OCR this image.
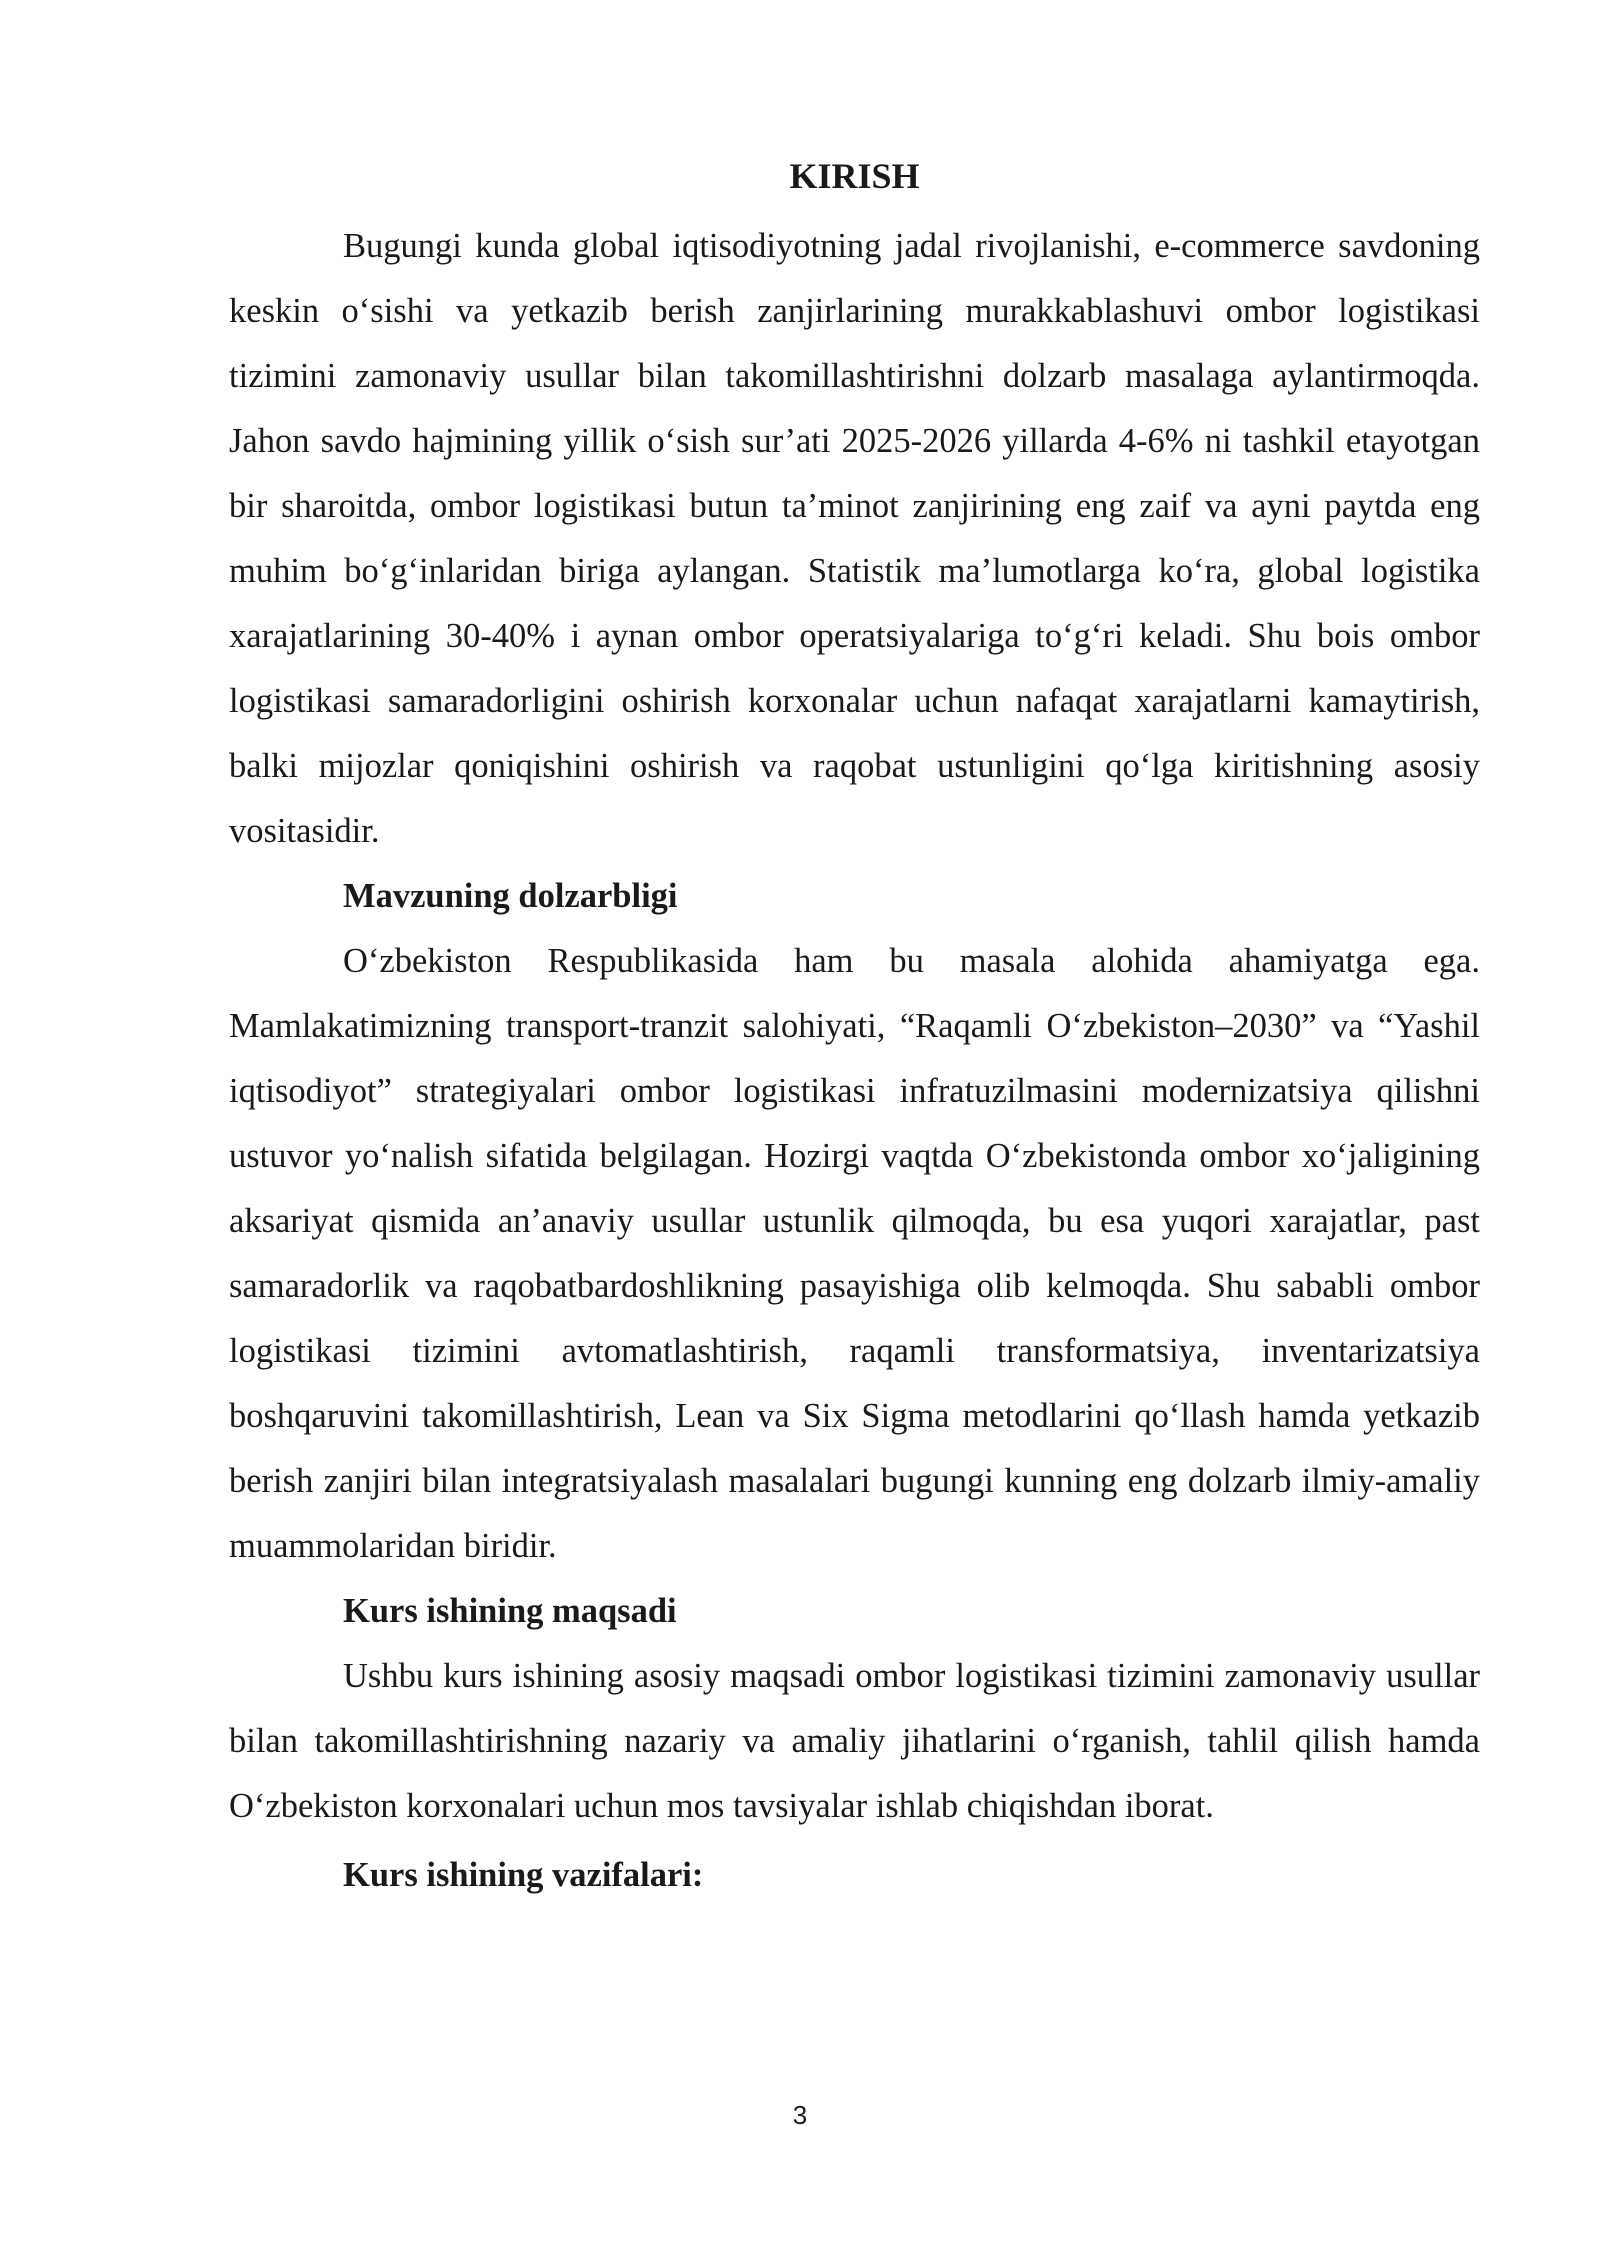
KIRISH

Bugungi kunda global iqtisodiyotning jadal rivojlanishi, e-commerce savdoning keskin o‘sishi va yetkazib berish zanjirlarining murakkablashuvi ombor logistikasi tizimini zamonaviy usullar bilan takomillashtirishni dolzarb masalaga aylantirmoqda. Jahon savdo hajmining yillik o‘sish sur’ati 2025-2026 yillarda 4-6% ni tashkil etayotgan bir sharoitda, ombor logistikasi butun ta’minot zanjirining eng zaif va ayni paytda eng muhim bo‘g‘inlaridan biriga aylangan. Statistik ma’lumotlarga ko‘ra, global logistika xarajatlarining 30-40% i aynan ombor operatsiyalariga to‘g‘ri keladi. Shu bois ombor logistikasi samaradorligini oshirish korxonalar uchun nafaqat xarajatlarni kamaytirish, balki mijozlar qoniqishini oshirish va raqobat ustunligini qo‘lga kiritishning asosiy vositasidir.

Mavzuning dolzarbligi

O‘zbekiston Respublikasida ham bu masala alohida ahamiyatga ega. Mamlakatimizning transport-tranzit salohiyati, “Raqamli O‘zbekiston–2030” va “Yashil iqtisodiyot” strategiyalari ombor logistikasi infratuzilmasini modernizatsiya qilishni ustuvor yo‘nalish sifatida belgilagan. Hozirgi vaqtda O‘zbekistonda ombor xo‘jaligining aksariyat qismida an’anaviy usullar ustunlik qilmoqda, bu esa yuqori xarajatlar, past samaradorlik va raqobatbardoshlikning pasayishiga olib kelmoqda. Shu sababli ombor logistikasi tizimini avtomatlashtirish, raqamli transformatsiya, inventarizatsiya boshqaruvini takomillashtirish, Lean va Six Sigma metodlarini qo‘llash hamda yetkazib berish zanjiri bilan integratsiyalash masalalari bugungi kunning eng dolzarb ilmiy-amaliy muammolaridan biridir.

Kurs ishining maqsadi

Ushbu kurs ishining asosiy maqsadi ombor logistikasi tizimini zamonaviy usullar bilan takomillashtirishning nazariy va amaliy jihatlarini o‘rganish, tahlil qilish hamda O‘zbekiston korxonalari uchun mos tavsiyalar ishlab chiqishdan iborat.

Kurs ishining vazifalari:

3
